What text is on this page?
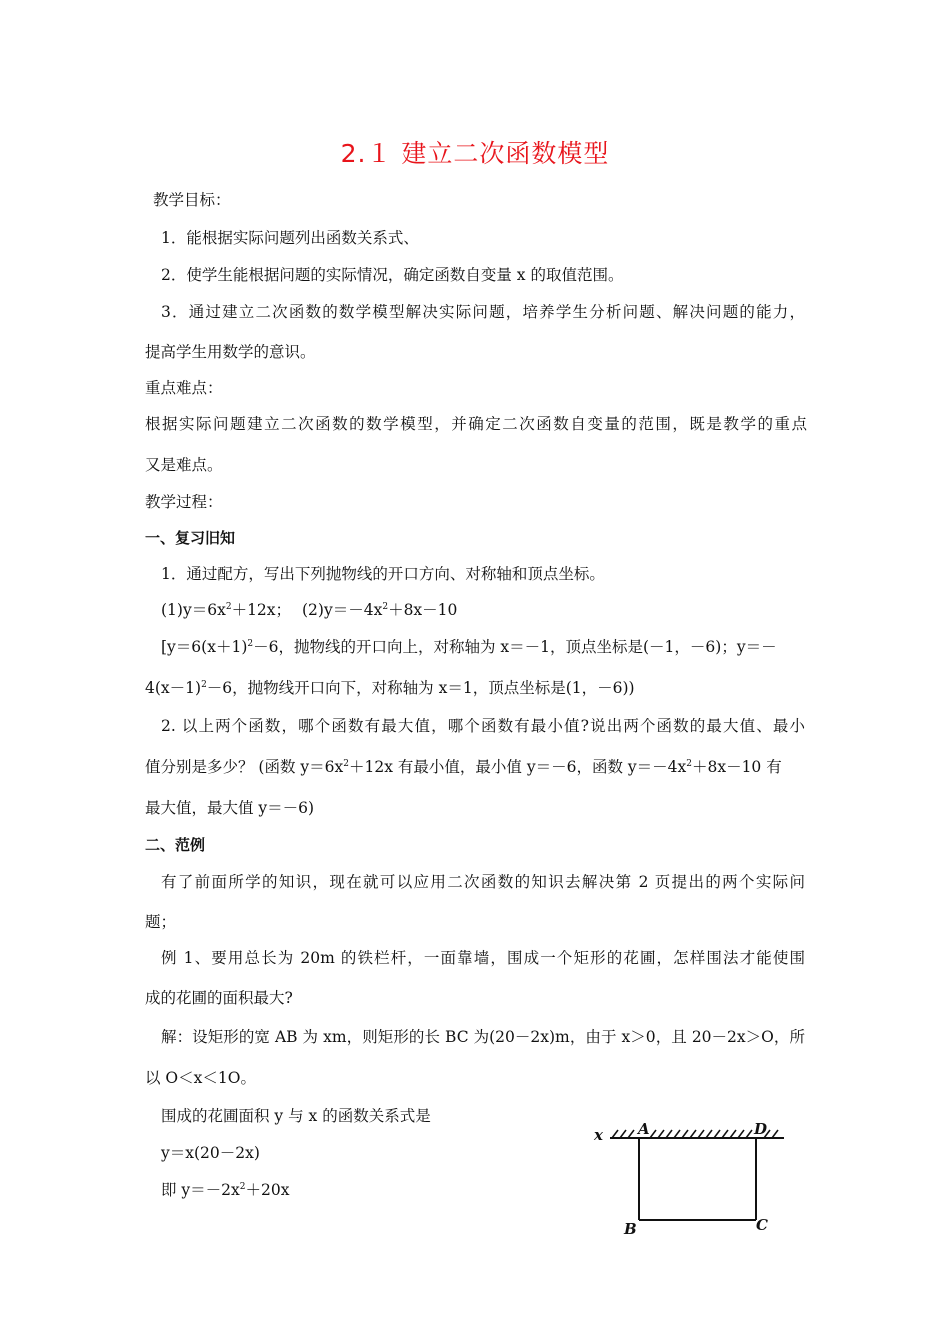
2.１ 建立二次函数模型
教学目标：
1．能根据实际问题列出函数关系式、
2．使学生能根据问题的实际情况，确定函数自变量 x 的取值范围。
3．通过建立二次函数的数学模型解决实际问题，培养学生分析问题、解决问题的能力，
提高学生用数学的意识。
重点难点：
根据实际问题建立二次函数的数学模型，并确定二次函数自变量的范围，既是教学的重点
又是难点。
教学过程：
一、复习旧知
1．通过配方，写出下列抛物线的开口方向、对称轴和顶点坐标。
$(1)y=6x^2+12x$； $(2)y=-4x^2+8x-10$
[$y=6(x+1)^2-6$，抛物线的开口向上，对称轴为 x＝－1，顶点坐标是(－1，－6)；y＝－
$4(x-1)^2-6$，抛物线开口向下，对称轴为 x＝1，顶点坐标是(1，－6))
2. 以上两个函数，哪个函数有最大值，哪个函数有最小值?说出两个函数的最大值、最小
值分别是多少？ (函数 $y=6x^2+12x$ 有最小值，最小值 y＝－6，函数 $y=-4x^2+8x-10$ 有
最大值，最大值 y＝－6)
二、范例
有了前面所学的知识，现在就可以应用二次函数的知识去解决第 2 页提出的两个实际问
题；
例 1、要用总长为 20m 的铁栏杆，一面靠墙，围成一个矩形的花圃，怎样围法才能使围
成的花圃的面积最大?
解：设矩形的宽 AB 为 xm，则矩形的长 BC 为(20－2x)m，由于 x＞0，且 20－2x＞O，所
以 O＜x＜1O。
围成的花圃面积 y 与 x 的函数关系式是
y＝x(20－2x)
即 $y=-2x^2+20x$
x A	D
B	C
